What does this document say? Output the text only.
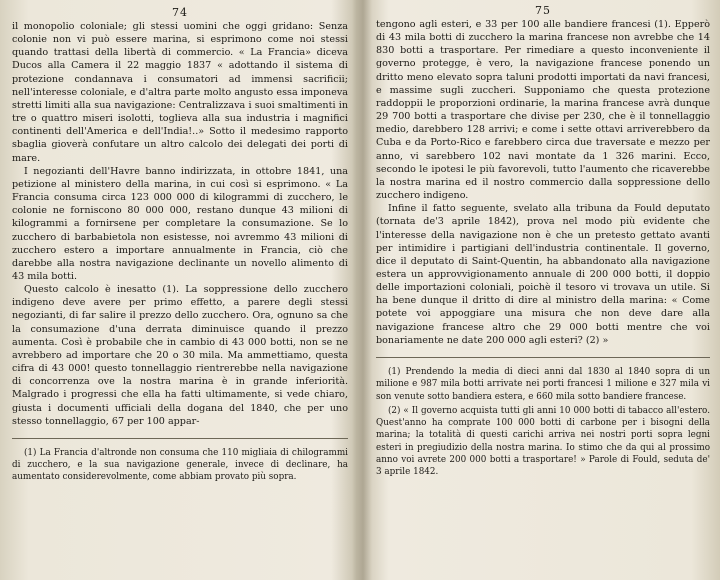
74

il monopolio coloniale; gli stessi uomini che oggi gridano: Senza colonie non vi può essere marina, si esprimono come noi stessi quando trattasi della libertà di commercio. « La Francia» diceva Ducos alla Camera il 22 maggio 1837 « adottando il sistema di protezione condannava i consumatori ad immensi sacrificii; nell'interesse coloniale, e d'altra parte molto angusto essa imponeva stretti limiti alla sua navigazione: Centralizzava i suoi smaltimenti in tre o quattro miseri isolotti, toglieva alla sua industria i magnifici continenti dell'America e dell'India!..» Sotto il medesimo rapporto sbaglia gioverà confutare un altro calcolo dei delegati dei porti di mare.

I negozianti dell'Havre banno indirizzata, in ottobre 1841, una petizione al ministero della marina, in cui così si esprimono. « La Francia consuma circa 123 000 000 di kilogrammi di zucchero, le colonie ne forniscono 80 000 000, restano dunque 43 milioni di kilogrammi a fornirsene per completare la consumazione. Se lo zucchero di barbabietola non esistesse, noi avremmo 43 milioni di zucchero estero a importare annualmente in Francia, ciò che darebbe alla nostra navigazione declinante un novello alimento di 43 mila botti.

Questo calcolo è inesatto (1). La soppressione dello zucchero indigeno deve avere per primo effetto, a parere degli stessi negozianti, di far salire il prezzo dello zucchero. Ora, ognuno sa che la consumazione d'una derrata diminuisce quando il prezzo aumenta. Così è probabile che in cambio di 43 000 botti, non se ne avrebbero ad importare che 20 o 30 mila. Ma ammettiamo, questa cifra di 43 000! questo tonnellaggio rientrerebbe nella navigazione di concorrenza ove la nostra marina è in grande inferiorità. Malgrado i progressi che ella ha fatti ultimamente, si vede chiaro, giusta i documenti ufficiali della dogana del 1840, che per uno stesso tonnellaggio, 67 per 100 appar-

(1) La Francia d'altronde non consuma che 110 migliaia di chilogrammi di zucchero, e la sua navigazione generale, invece di declinare, ha aumentato considerevolmente, come abbiam provato più sopra.

75

tengono agli esteri, e 33 per 100 alle bandiere francesi (1). Epperò di 43 mila botti di zucchero la marina francese non avrebbe che 14 830 botti a trasportare. Per rimediare a questo inconveniente il governo protegge, è vero, la navigazione francese ponendo un dritto meno elevato sopra taluni prodotti importati da navi francesi, e massime sugli zuccheri. Supponiamo che questa protezione raddoppii le proporzioni ordinarie, la marina francese avrà dunque 29 700 botti a trasportare che divise per 230, che è il tonnellaggio medio, darebbero 128 arrivi; e come i sette ottavi arriverebbero da Cuba e da Porto-Rico e farebbero circa due traversate e mezzo per anno, vi sarebbero 102 navi montate da 1 326 marini. Ecco, secondo le ipotesi le più favorevoli, tutto l'aumento che ricaverebbe la nostra marina ed il nostro commercio dalla soppressione dello zucchero indigeno.

Infine il fatto seguente, svelato alla tribuna da Fould deputato (tornata de'3 aprile 1842), prova nel modo più evidente che l'interesse della navigazione non è che un pretesto gettato avanti per intimidire i partigiani dell'industria continentale. Il governo, dice il deputato di Saint-Quentin, ha abbandonato alla navigazione estera un approvvigionamento annuale di 200 000 botti, il doppio delle importazioni coloniali, poichè il tesoro vi trovava un utile. Si ha bene dunque il dritto di dire al ministro della marina: « Come potete voi appoggiare una misura che non deve dare alla navigazione francese altro che 29 000 botti mentre che voi bonariamente ne date 200 000 agli esteri? (2) »

(1) Prendendo la media di dieci anni dal 1830 al 1840 sopra di un milione e 987 mila botti arrivate nei porti francesi 1 milione e 327 mila vi son venute sotto bandiera estera, e 660 mila sotto bandiere francese.

(2) « Il governo acquista tutti gli anni 10 000 botti di tabacco all'estero. Quest'anno ha comprate 100 000 botti di carbone per i bisogni della marina; la totalità di questi carichi arriva nei nostri porti sopra legni esteri in pregiudizio della nostra marina. Io stimo che da qui al prossimo anno voi avrete 200 000 botti a trasportare! » Parole di Fould, seduta de' 3 aprile 1842.
